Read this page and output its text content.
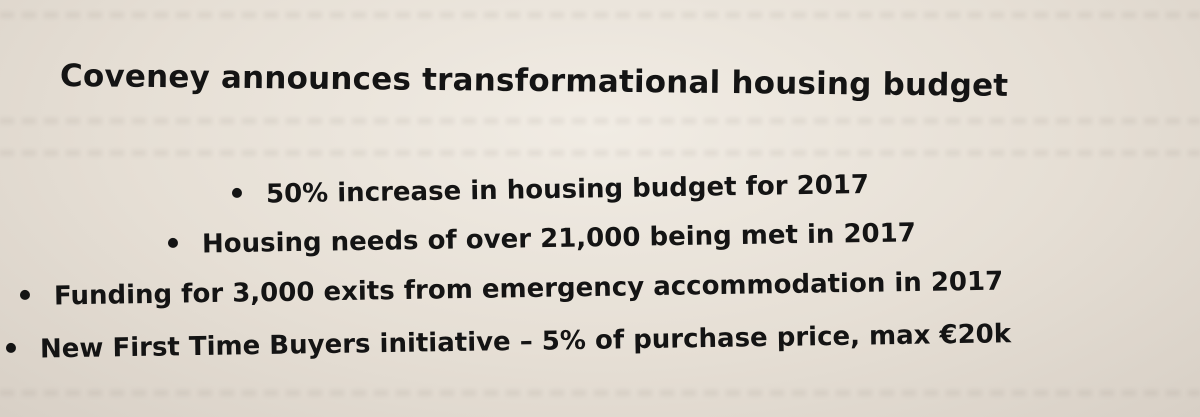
Coveney announces transformational housing budget
50% increase in housing budget for 2017
Housing needs of over 21,000 being met in 2017
Funding for 3,000 exits from emergency accommodation in 2017
New First Time Buyers initiative – 5% of purchase price, max €20k
